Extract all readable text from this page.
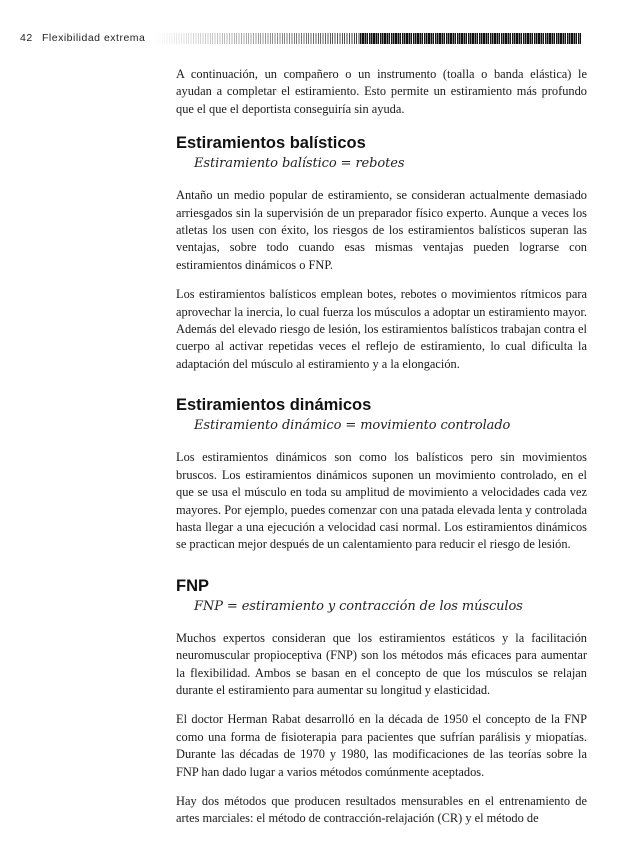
42 Flexibilidad extrema

A continuación, un compañero o un instrumento (toalla o banda elástica) le ayudan a completar el estiramiento. Esto permite un estiramiento más profundo que el que el deportista conseguiría sin ayuda.

Estiramientos balísticos
Estiramiento balístico = rebotes

Antaño un medio popular de estiramiento, se consideran actualmente demasiado arriesgados sin la supervisión de un preparador físico experto. Aunque a veces los atletas los usen con éxito, los riesgos de los estiramientos balísticos superan las ventajas, sobre todo cuando esas mismas ventajas pueden lograrse con estiramientos dinámicos o FNP.

Los estiramientos balísticos emplean botes, rebotes o movimientos rítmicos para aprovechar la inercia, lo cual fuerza los músculos a adoptar un estiramiento mayor. Además del elevado riesgo de lesión, los estiramientos balísticos trabajan contra el cuerpo al activar repetidas veces el reflejo de estiramiento, lo cual dificulta la adaptación del músculo al estiramiento y a la elongación.

Estiramientos dinámicos
Estiramiento dinámico = movimiento controlado

Los estiramientos dinámicos son como los balísticos pero sin movimientos bruscos. Los estiramientos dinámicos suponen un movimiento controlado, en el que se usa el músculo en toda su amplitud de movimiento a velocidades cada vez mayores. Por ejemplo, puedes comenzar con una patada elevada lenta y controlada hasta llegar a una ejecución a velocidad casi normal. Los estiramientos dinámicos se practican mejor después de un calentamiento para reducir el riesgo de lesión.

FNP
FNP = estiramiento y contracción de los músculos

Muchos expertos consideran que los estiramientos estáticos y la facilitación neuromuscular propioceptiva (FNP) son los métodos más eficaces para aumentar la flexibilidad. Ambos se basan en el concepto de que los músculos se relajan durante el estiramiento para aumentar su longitud y elasticidad.

El doctor Herman Rabat desarrolló en la década de 1950 el concepto de la FNP como una forma de fisioterapia para pacientes que sufrían parálisis y miopatías. Durante las décadas de 1970 y 1980, las modificaciones de las teorías sobre la FNP han dado lugar a varios métodos comúnmente aceptados.

Hay dos métodos que producen resultados mensurables en el entrenamiento de artes marciales: el método de contracción-relajación (CR) y el método de
